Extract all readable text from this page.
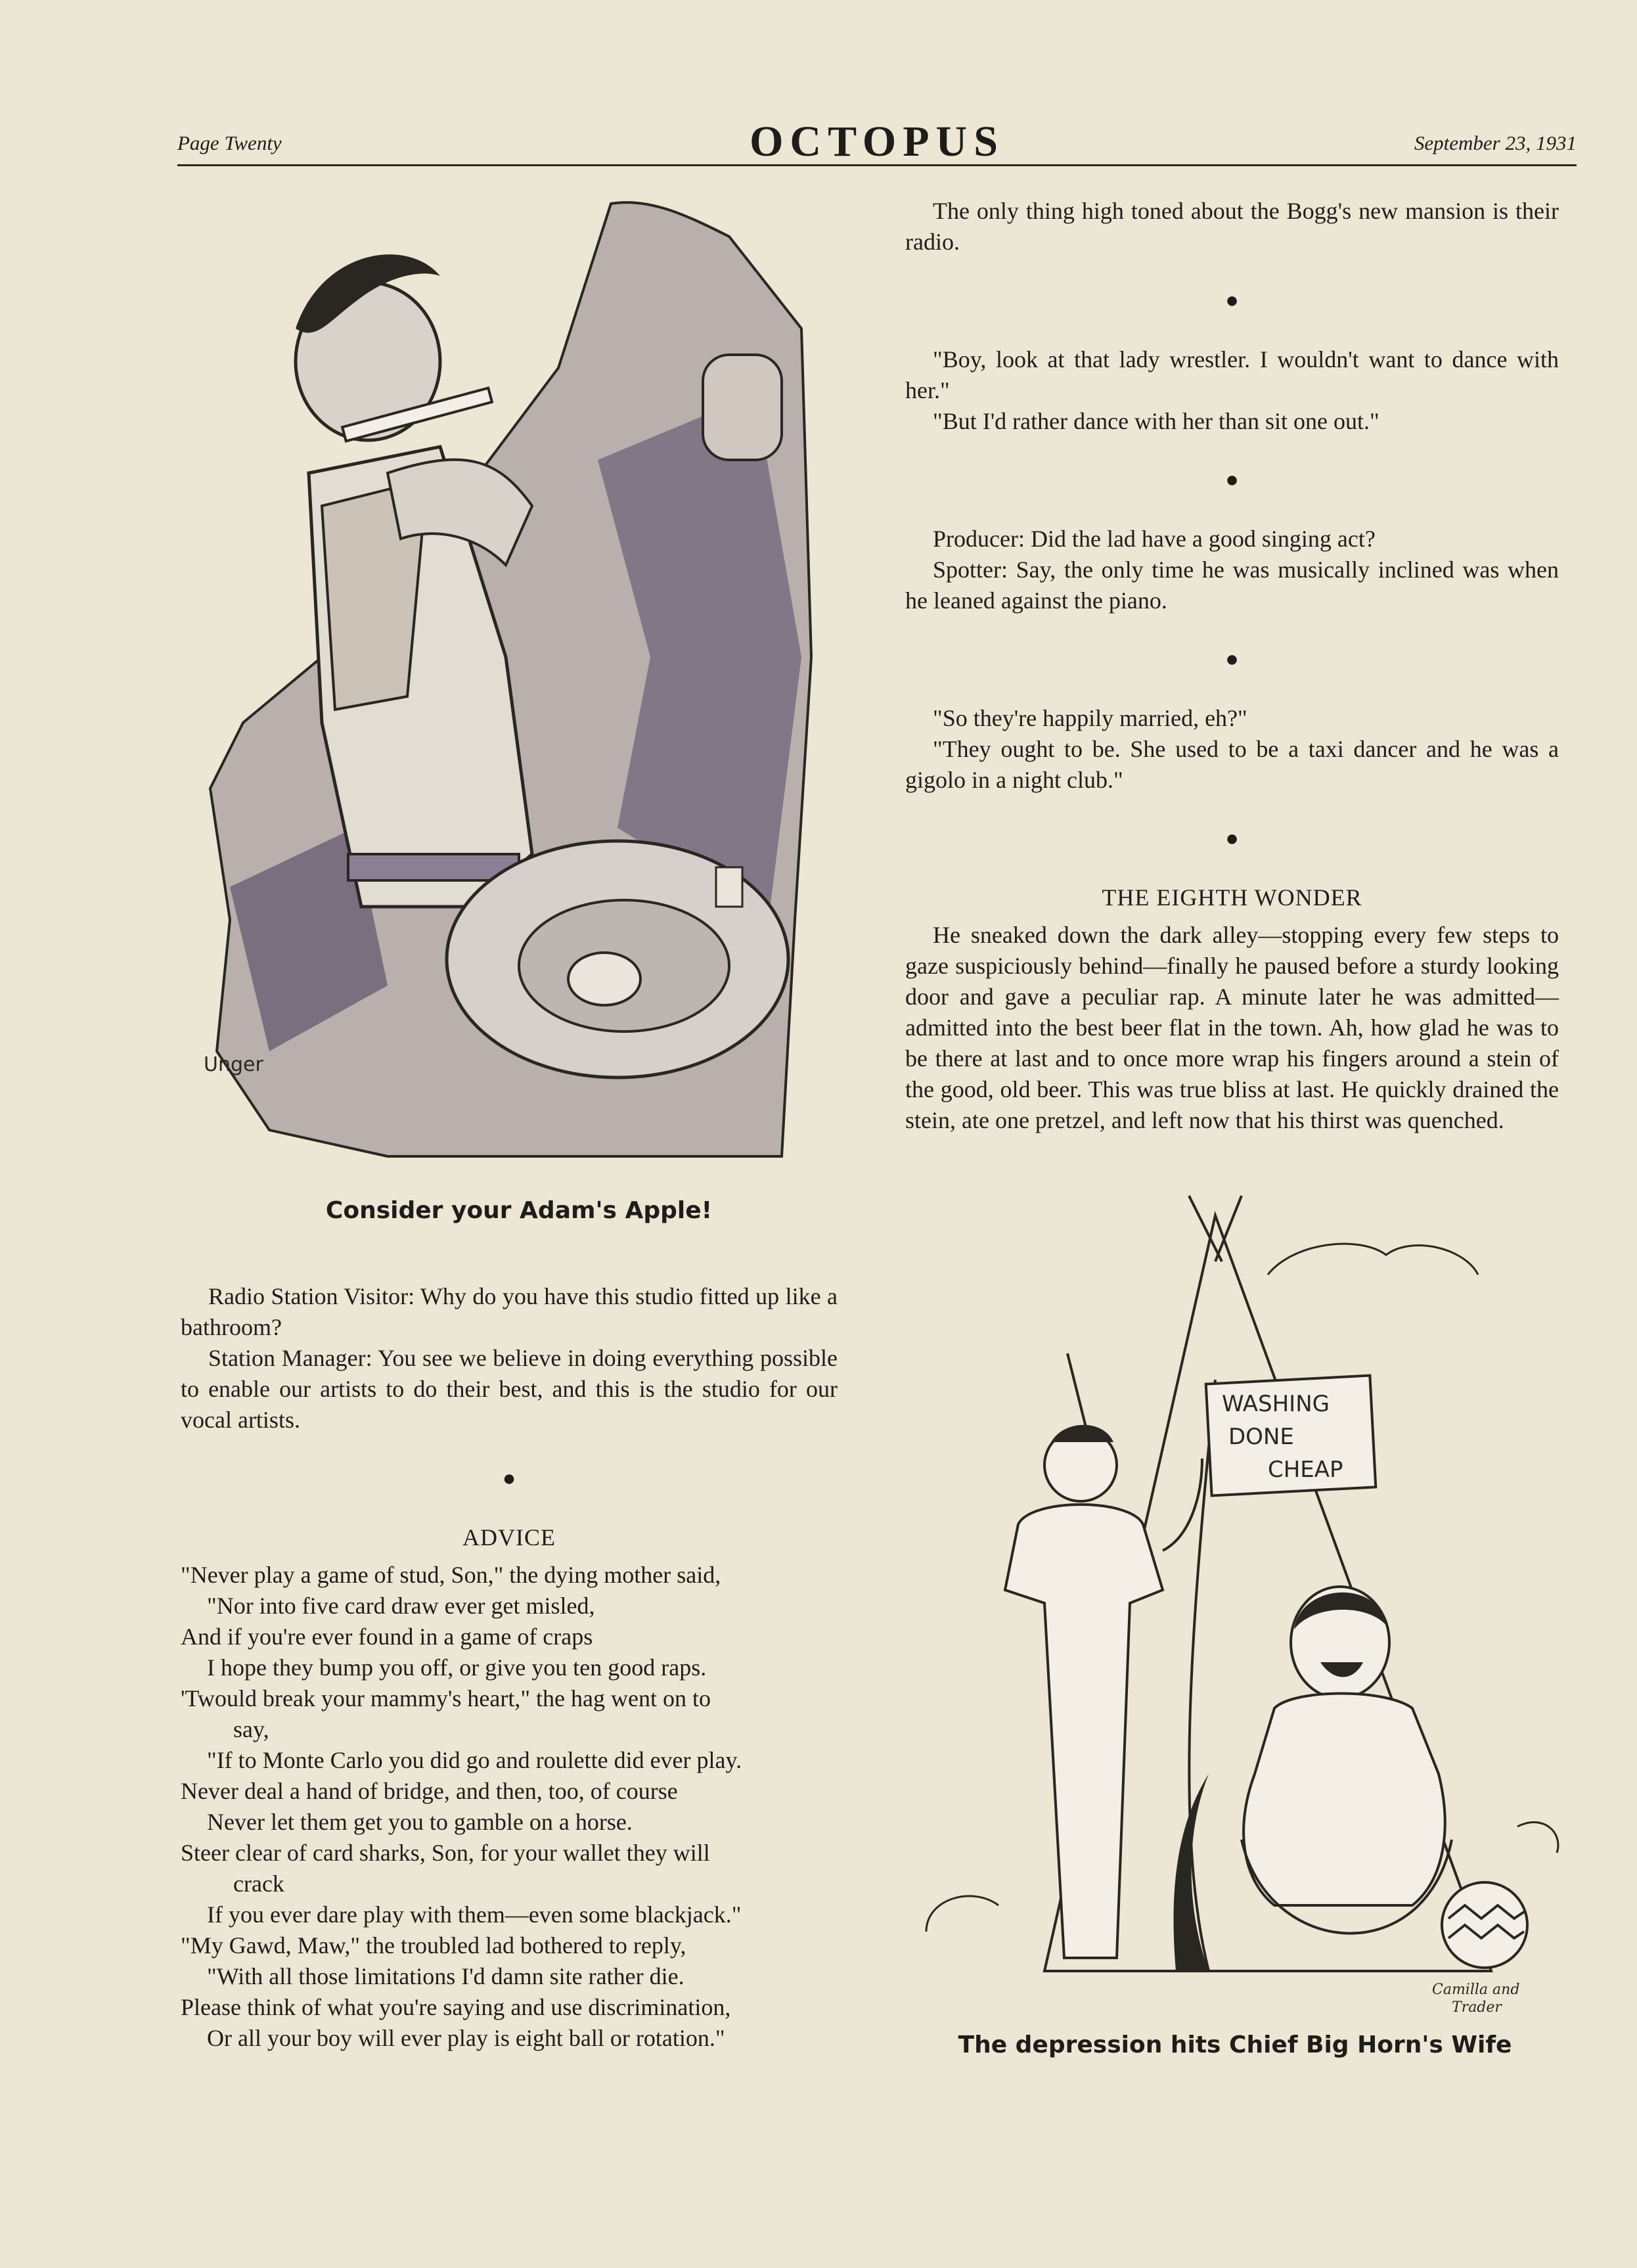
Page Twenty	OCTOPUS	September 23, 1931
Unger
Consider your Adam's Apple!

Radio Station Visitor: Why do you have this studio fitted up like a bathroom?

Station Manager: You see we believe in doing everything possible to enable our artists to do their best, and this is the studio for our vocal artists.

●
ADVICE

"Never play a game of stud, Son," the dying mother said,

"Nor into five card draw ever get misled,

And if you're ever found in a game of craps

I hope they bump you off, or give you ten good raps.

'Twould break your mammy's heart," the hag went on to

say,

"If to Monte Carlo you did go and roulette did ever play.

Never deal a hand of bridge, and then, too, of course

Never let them get you to gamble on a horse.

Steer clear of card sharks, Son, for your wallet they will

crack

If you ever dare play with them—even some blackjack."

"My Gawd, Maw," the troubled lad bothered to reply,

"With all those limitations I'd damn site rather die.

Please think of what you're saying and use discrimination,

Or all your boy will ever play is eight ball or rotation."

The only thing high toned about the Bogg's new mansion is their radio.

●

"Boy, look at that lady wrestler. I wouldn't want to dance with her."

"But I'd rather dance with her than sit one out."

●

Producer: Did the lad have a good singing act?

Spotter: Say, the only time he was musically inclined was when he leaned against the piano.

●

"So they're happily married, eh?"

"They ought to be. She used to be a taxi dancer and he was a gigolo in a night club."

●
THE EIGHTH WONDER

He sneaked down the dark alley—stopping every few steps to gaze suspiciously behind—finally he paused before a sturdy looking door and gave a peculiar rap. A minute later he was admitted—admitted into the best beer flat in the town. Ah, how glad he was to be there at last and to once more wrap his fingers around a stein of the good, old beer. This was true bliss at last. He quickly drained the stein, ate one pretzel, and left now that his thirst was quenched.

WASHING
DONE
CHEAP
Camilla and
Trader
The depression hits Chief Big Horn's Wife
